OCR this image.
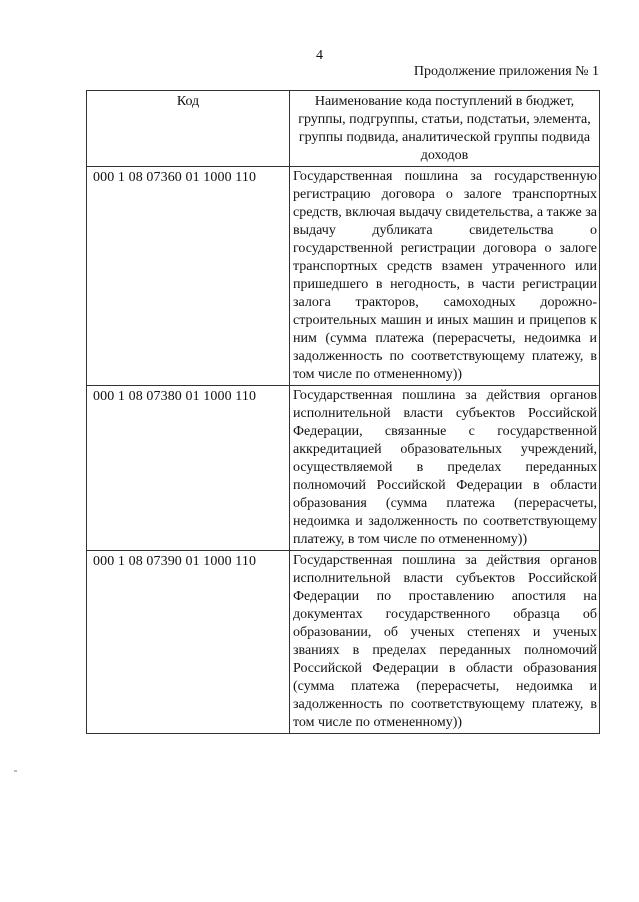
4
Продолжение приложения № 1
Код	Наименование кода поступлений в бюджет, группы, подгруппы, статьи, подстатьи, элемента, группы подвида, аналитической группы подвида доходов
000 1 08 07360 01 1000 110	Государственная пошлина за государственную регистрацию договора о залоге транспортных средств, включая выдачу свидетельства, а также за выдачу дубликата свидетельства о государственной регистрации договора о залоге транспортных средств взамен утраченного или пришедшего в негодность, в части регистрации залога тракторов, самоходных дорожно-строительных машин и иных машин и прицепов к ним (сумма платежа (перерасчеты, недоимка и задолженность по соответствующему платежу, в том числе по отмененному))
000 1 08 07380 01 1000 110	Государственная пошлина за действия органов исполнительной власти субъектов Российской Федерации, связанные с государственной аккредитацией образовательных учреждений, осуществляемой в пределах переданных полномочий Российской Федерации в области образования (сумма платежа (перерасчеты, недоимка и задолженность по соответствующему платежу, в том числе по отмененному))
000 1 08 07390 01 1000 110	Государственная пошлина за действия органов исполнительной власти субъектов Российской Федерации по проставлению апостиля на документах государственного образца об образовании, об ученых степенях и ученых званиях в пределах переданных полномочий Российской Федерации в области образования (сумма платежа (перерасчеты, недоимка и задолженность по соответствующему платежу, в том числе по отмененному))
